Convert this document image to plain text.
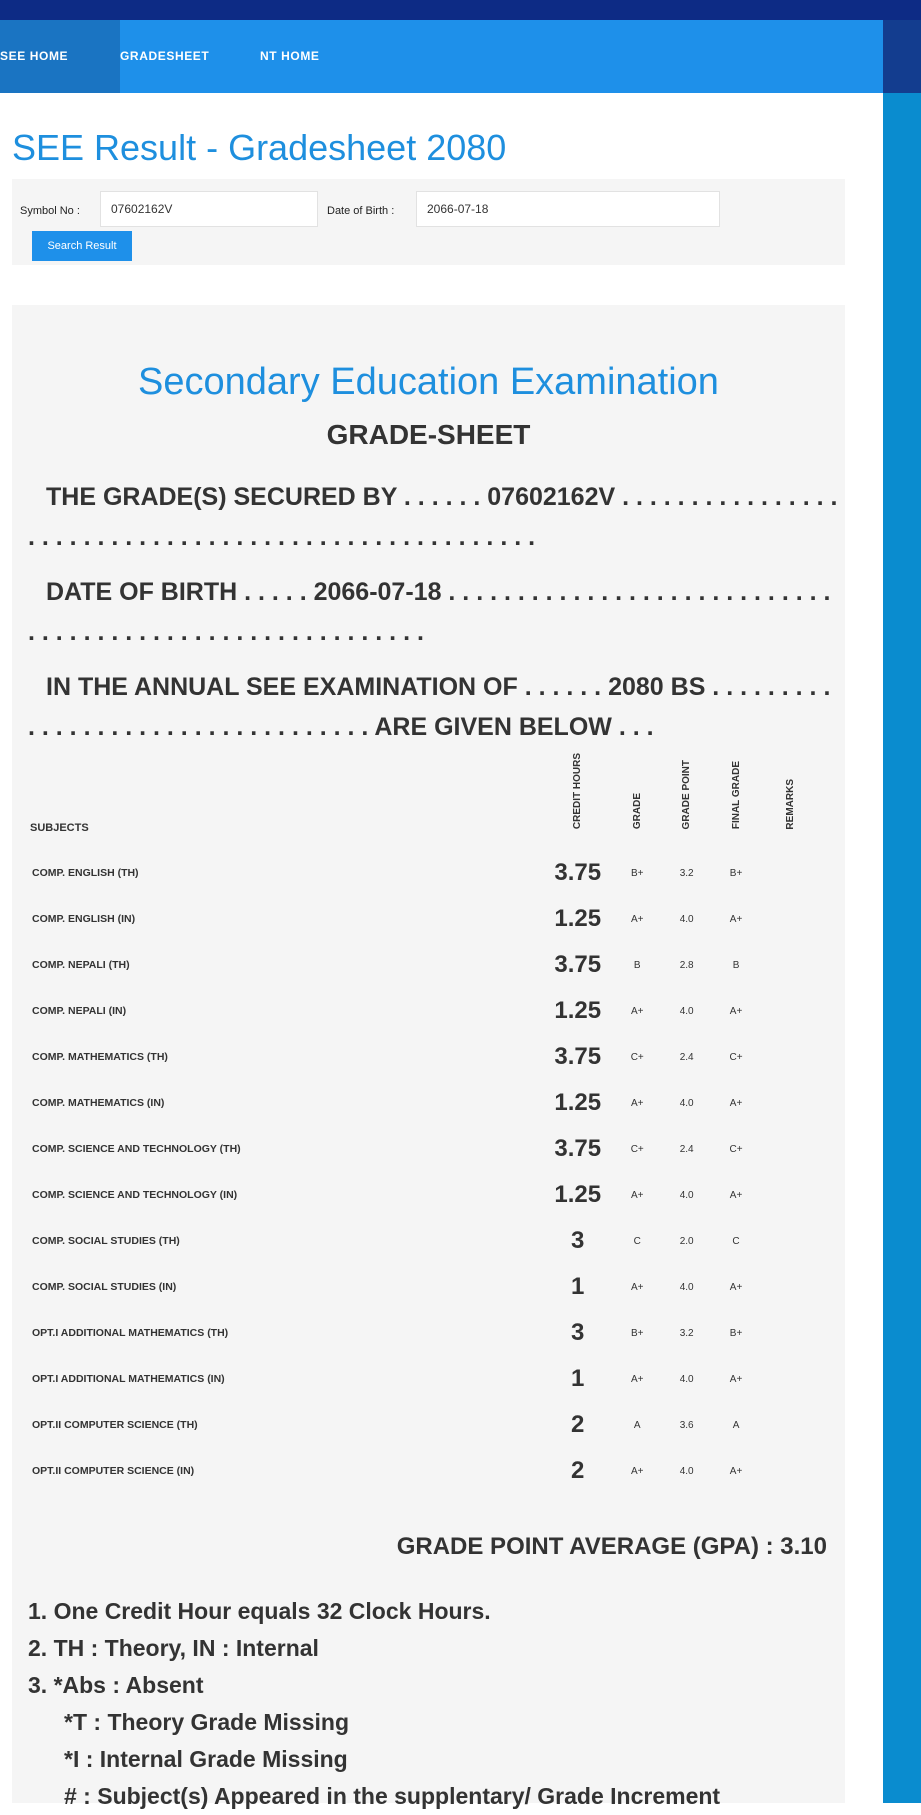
SEE HOME	GRADESHEET	NT HOME
SEE Result - Gradesheet 2080
Symbol No :
07602162V	Date of Birth :
2066-07-18
Search Result
Secondary Education Examination
GRADE-SHEET

THE GRADE(S) SECURED BY . . . . . . 07602162V . . . . . . . . . . . . . . . . . . . . . . . . . . . . . . . . . . . . . . . . . . . . . . . . . . . . .

DATE OF BIRTH . . . . . 2066-07-18 . . . . . . . . . . . . . . . . . . . . . . . . . . . . . . . . . . . . . . . . . . . . . . . . . . . . . . . . .

IN THE ANNUAL SEE EXAMINATION OF . . . . . . 2080 BS . . . . . . . . . . . . . . . . . . . . . . . . . . . . . . . . . . ARE GIVEN BELOW . . .

SUBJECTS	CREDIT HOURS	GRADE	GRADE POINT	FINAL GRADE	REMARKS
COMP. ENGLISH (TH)	3.75	B+	3.2	B+	
COMP. ENGLISH (IN)	1.25	A+	4.0	A+	
COMP. NEPALI (TH)	3.75	B	2.8	B	
COMP. NEPALI (IN)	1.25	A+	4.0	A+	
COMP. MATHEMATICS (TH)	3.75	C+	2.4	C+	
COMP. MATHEMATICS (IN)	1.25	A+	4.0	A+	
COMP. SCIENCE AND TECHNOLOGY (TH)	3.75	C+	2.4	C+	
COMP. SCIENCE AND TECHNOLOGY (IN)	1.25	A+	4.0	A+	
COMP. SOCIAL STUDIES (TH)	3	C	2.0	C	
COMP. SOCIAL STUDIES (IN)	1	A+	4.0	A+	
OPT.I ADDITIONAL MATHEMATICS (TH)	3	B+	3.2	B+	
OPT.I ADDITIONAL MATHEMATICS (IN)	1	A+	4.0	A+	
OPT.II COMPUTER SCIENCE (TH)	2	A	3.6	A	
OPT.II COMPUTER SCIENCE (IN)	2	A+	4.0	A+	

GRADE POINT AVERAGE (GPA) : 3.10

1. One Credit Hour equals 32 Clock Hours.
2. TH : Theory, IN : Internal
3. *Abs : Absent
*T : Theory Grade Missing
*I : Internal Grade Missing
# : Subject(s) Appeared in the supplentary/ Grade Increment
